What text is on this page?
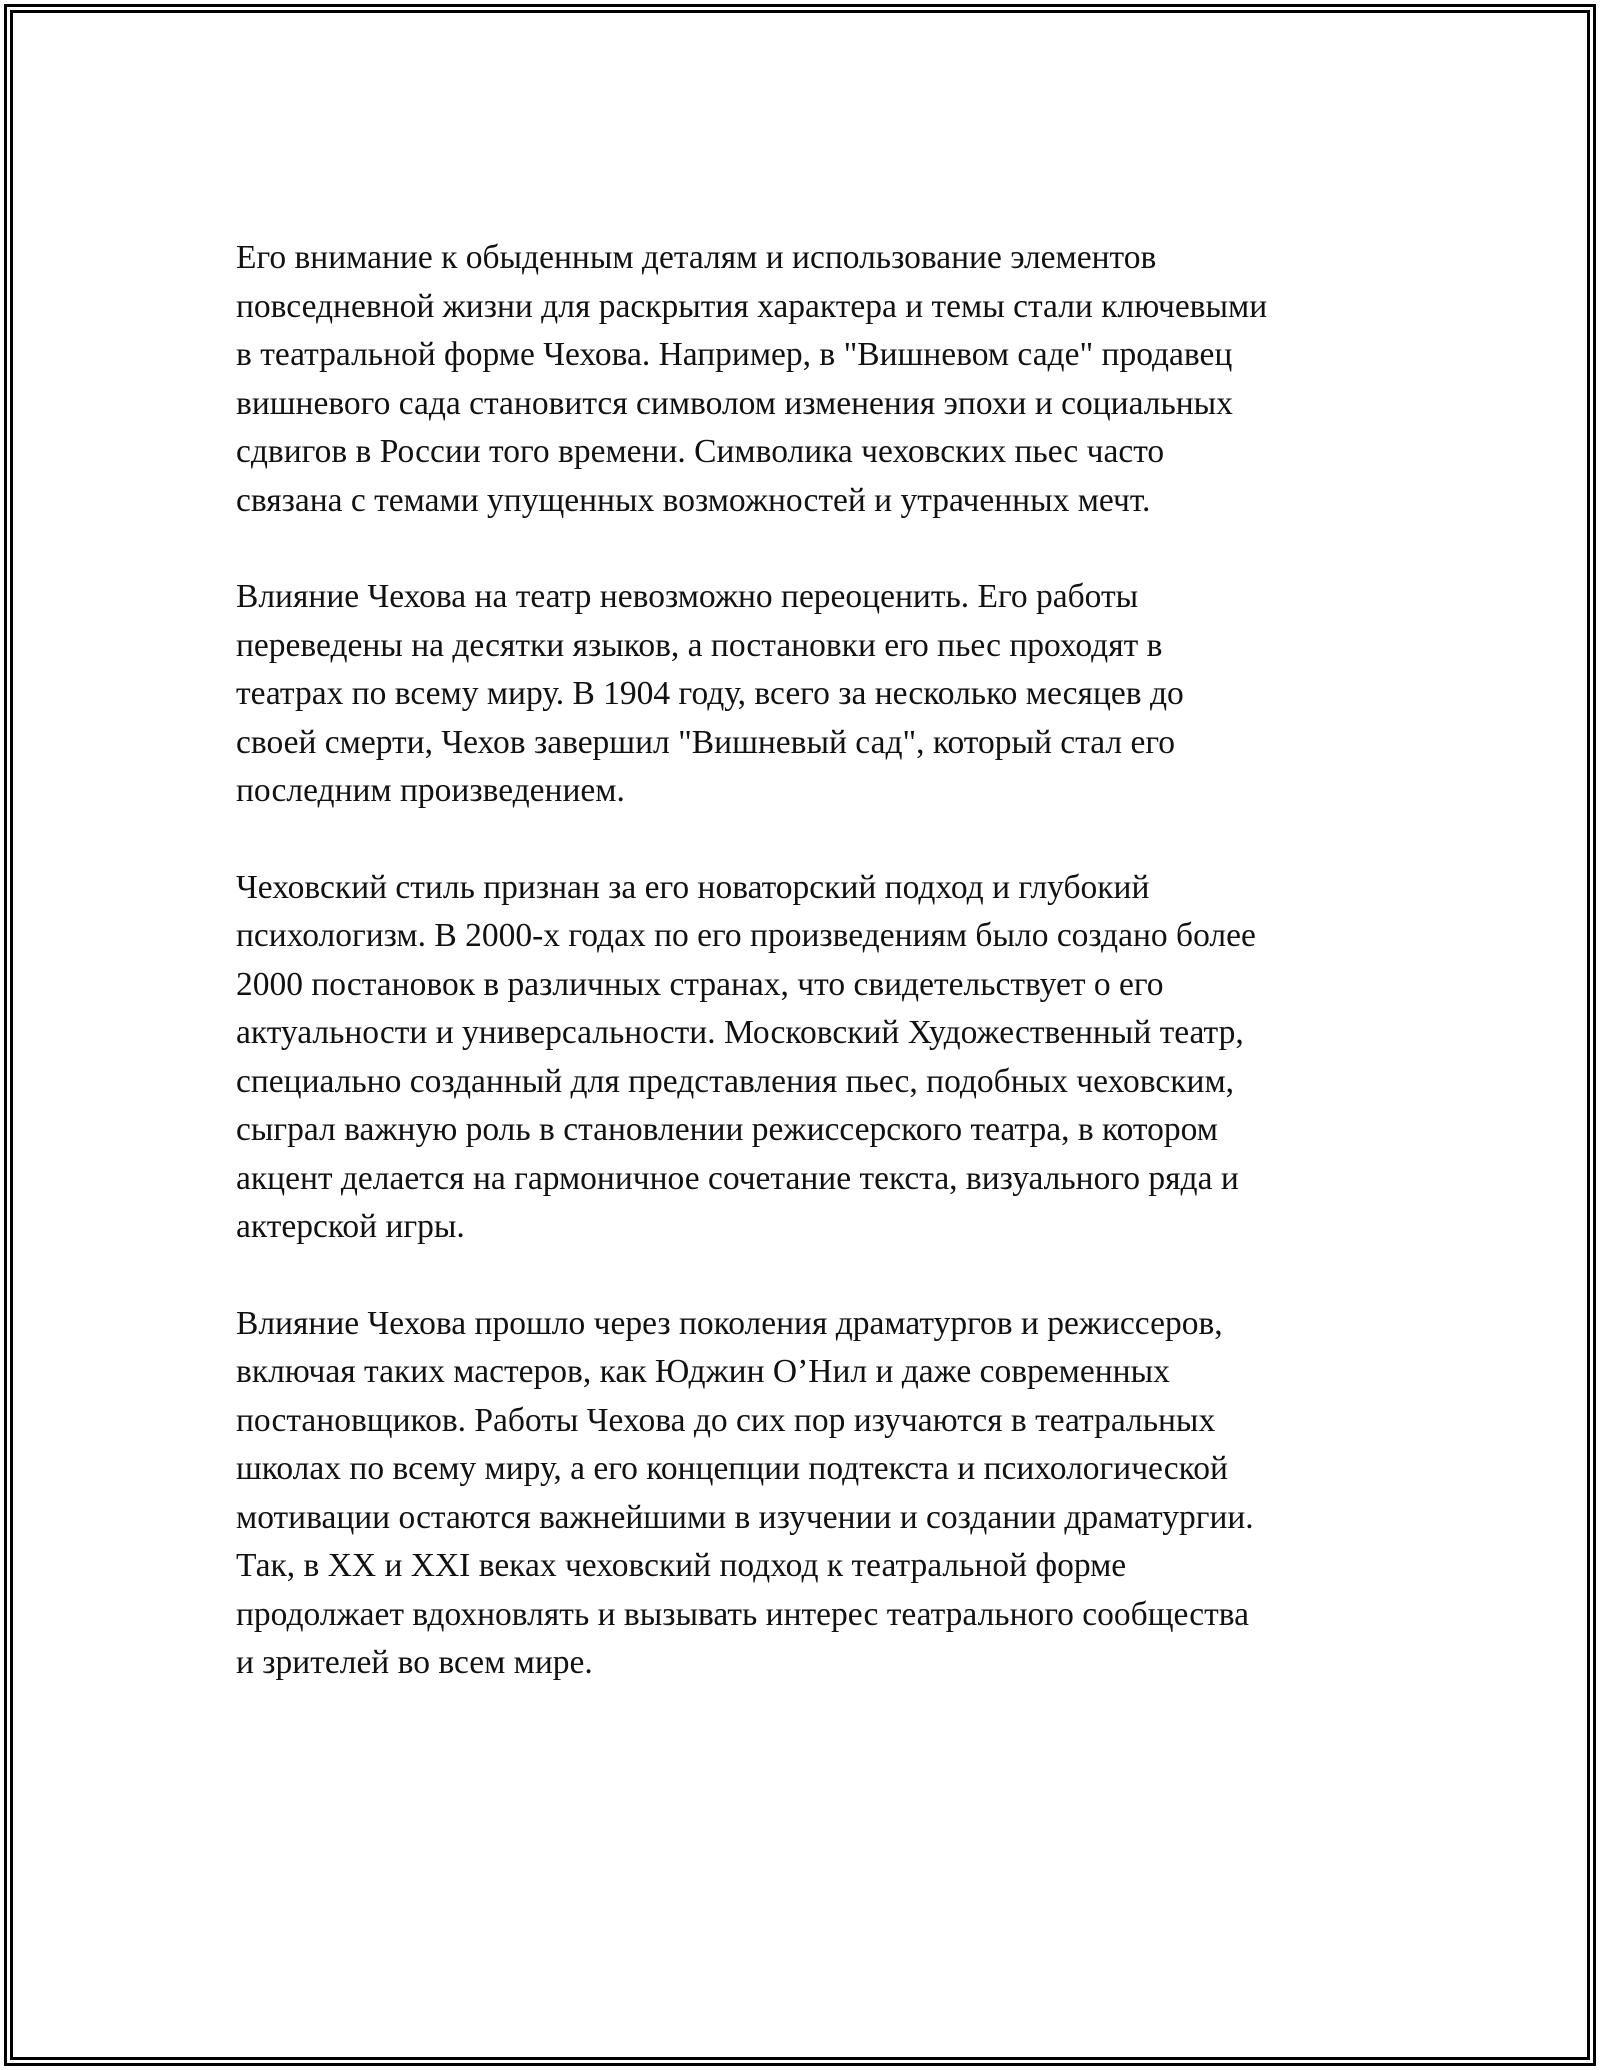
Его внимание к обыденным деталям и использование элементов
повседневной жизни для раскрытия характера и темы стали ключевыми
в театральной форме Чехова. Например, в "Вишневом саде" продавец
вишневого сада становится символом изменения эпохи и социальных
сдвигов в России того времени. Символика чеховских пьес часто
связана с темами упущенных возможностей и утраченных мечт.

Влияние Чехова на театр невозможно переоценить. Его работы
переведены на десятки языков, а постановки его пьес проходят в
театрах по всему миру. В 1904 году, всего за несколько месяцев до
своей смерти, Чехов завершил "Вишневый сад", который стал его
последним произведением.

Чеховский стиль признан за его новаторский подход и глубокий
психологизм. В 2000-х годах по его произведениям было создано более
2000 постановок в различных странах, что свидетельствует о его
актуальности и универсальности. Московский Художественный театр,
специально созданный для представления пьес, подобных чеховским,
сыграл важную роль в становлении режиссерского театра, в котором
акцент делается на гармоничное сочетание текста, визуального ряда и
актерской игры.

Влияние Чехова прошло через поколения драматургов и режиссеров,
включая таких мастеров, как Юджин О’Нил и даже современных
постановщиков. Работы Чехова до сих пор изучаются в театральных
школах по всему миру, а его концепции подтекста и психологической
мотивации остаются важнейшими в изучении и создании драматургии.
Так, в XX и XXI веках чеховский подход к театральной форме
продолжает вдохновлять и вызывать интерес театрального сообщества
и зрителей во всем мире.
